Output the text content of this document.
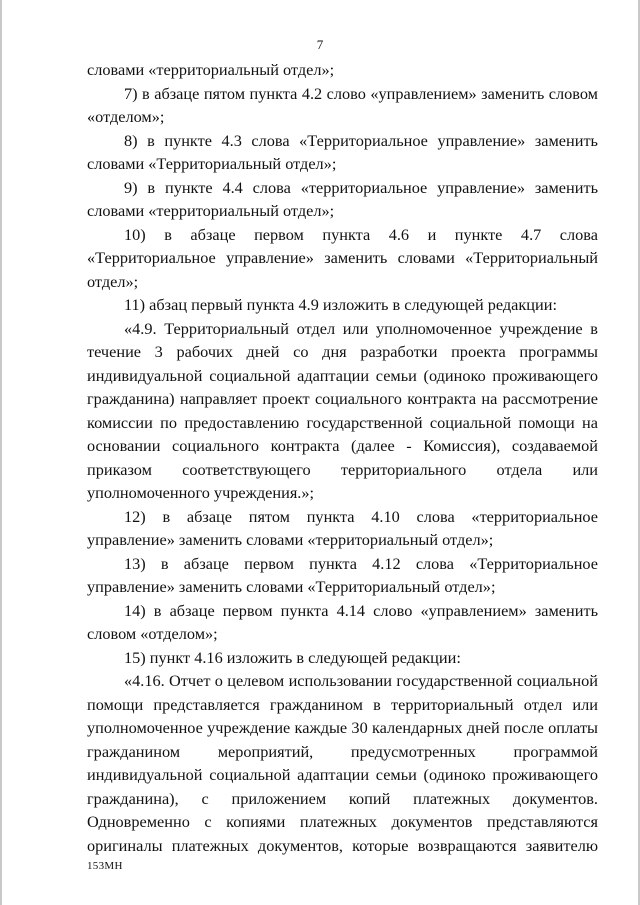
7

словами «территориальный отдел»;

7) в абзаце пятом пункта 4.2 слово «управлением» заменить словом «отделом»;

8) в пункте 4.3 слова «Территориальное управление» заменить словами «Территориальный отдел»;

9) в пункте 4.4 слова «территориальное управление» заменить словами «территориальный отдел»;

10) в абзаце первом пункта 4.6 и пункте 4.7 слова «Территориальное управление» заменить словами «Территориальный отдел»;

11) абзац первый пункта 4.9 изложить в следующей редакции:

«4.9. Территориальный отдел или уполномоченное учреждение в течение 3 рабочих дней со дня разработки проекта программы индивидуальной социальной адаптации семьи (одиноко проживающего гражданина) направляет проект социального контракта на рассмотрение комиссии по предоставлению государственной социальной помощи на основании социального контракта (далее - Комиссия), создаваемой приказом соответствующего территориального отдела или уполномоченного учреждения.»;

12) в абзаце пятом пункта 4.10 слова «территориальное управление» заменить словами «территориальный отдел»;

13) в абзаце первом пункта 4.12 слова «Территориальное управление» заменить словами «Территориальный отдел»;

14) в абзаце первом пункта 4.14 слово «управлением» заменить словом «отделом»;

15) пункт 4.16 изложить в следующей редакции:

«4.16. Отчет о целевом использовании государственной социальной помощи представляется гражданином в территориальный отдел или уполномоченное учреждение каждые 30 календарных дней после оплаты гражданином мероприятий, предусмотренных программой индивидуальной социальной адаптации семьи (одиноко проживающего гражданина), с приложением копий платежных документов. Одновременно с копиями платежных документов представляются оригиналы платежных документов, которые возвращаются заявителю

153МН
